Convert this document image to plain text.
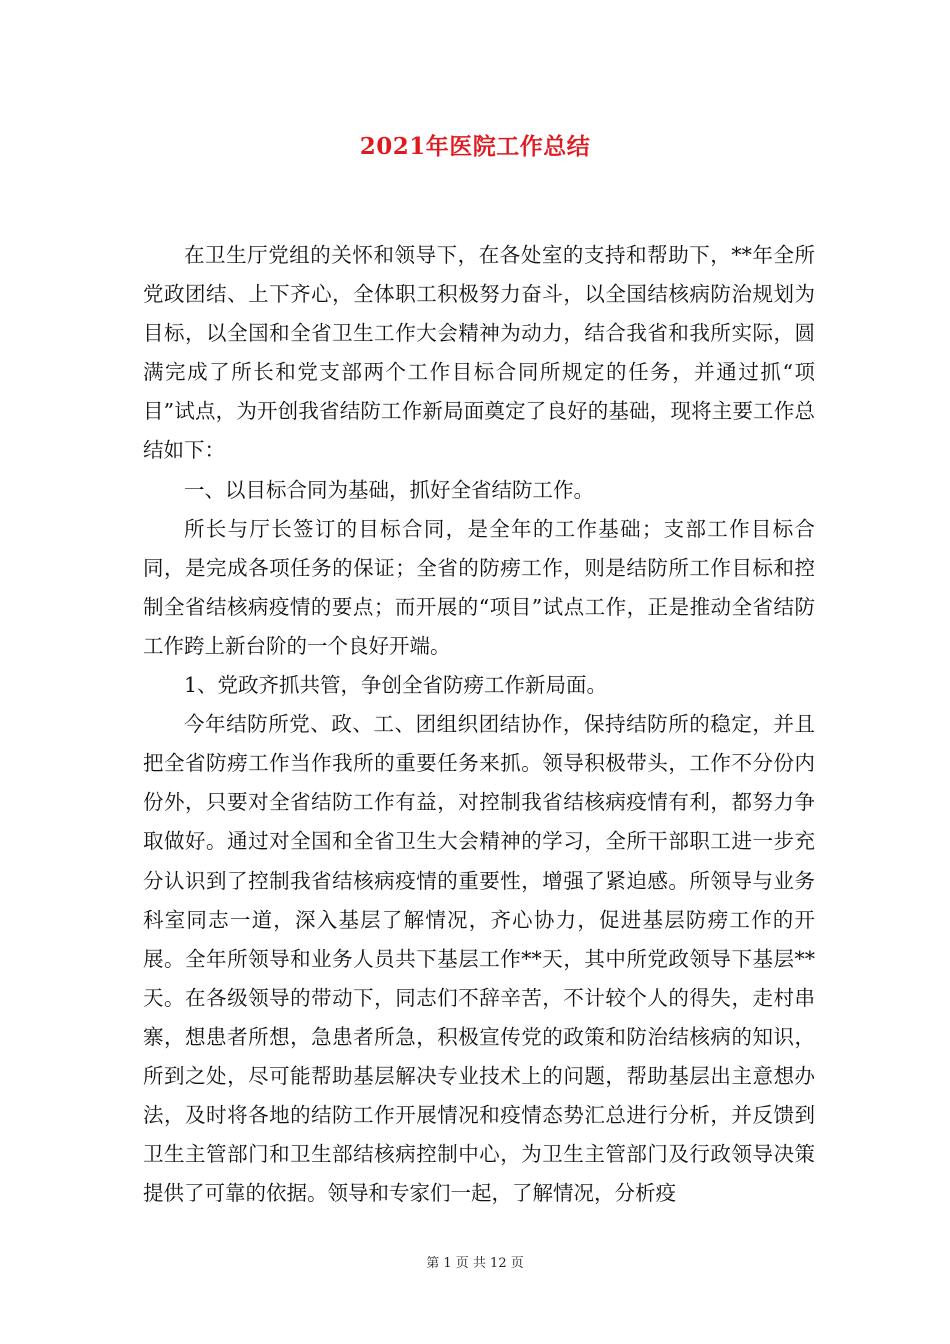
2021年医院工作总结

在卫生厅党组的关怀和领导下，在各处室的支持和帮助下，**年全所党政团结、上下齐心，全体职工积极努力奋斗，以全国结核病防治规划为目标，以全国和全省卫生工作大会精神为动力，结合我省和我所实际，圆满完成了所长和党支部两个工作目标合同所规定的任务，并通过抓“项目”试点，为开创我省结防工作新局面奠定了良好的基础，现将主要工作总结如下：

一、以目标合同为基础，抓好全省结防工作。

所长与厅长签订的目标合同，是全年的工作基础；支部工作目标合同，是完成各项任务的保证；全省的防痨工作，则是结防所工作目标和控制全省结核病疫情的要点；而开展的“项目”试点工作，正是推动全省结防工作跨上新台阶的一个良好开端。

1、党政齐抓共管，争创全省防痨工作新局面。

今年结防所党、政、工、团组织团结协作，保持结防所的稳定，并且把全省防痨工作当作我所的重要任务来抓。领导积极带头，工作不分份内份外，只要对全省结防工作有益，对控制我省结核病疫情有利，都努力争取做好。通过对全国和全省卫生大会精神的学习，全所干部职工进一步充分认识到了控制我省结核病疫情的重要性，增强了紧迫感。所领导与业务科室同志一道，深入基层了解情况，齐心协力，促进基层防痨工作的开展。全年所领导和业务人员共下基层工作**天，其中所党政领导下基层**天。在各级领导的带动下，同志们不辞辛苦，不计较个人的得失，走村串寨，想患者所想，急患者所急，积极宣传党的政策和防治结核病的知识，所到之处，尽可能帮助基层解决专业技术上的问题，帮助基层出主意想办法，及时将各地的结防工作开展情况和疫情态势汇总进行分析，并反馈到卫生主管部门和卫生部结核病控制中心，为卫生主管部门及行政领导决策提供了可靠的依据。领导和专家们一起，了解情况，分析疫

第 1 页 共 12 页
